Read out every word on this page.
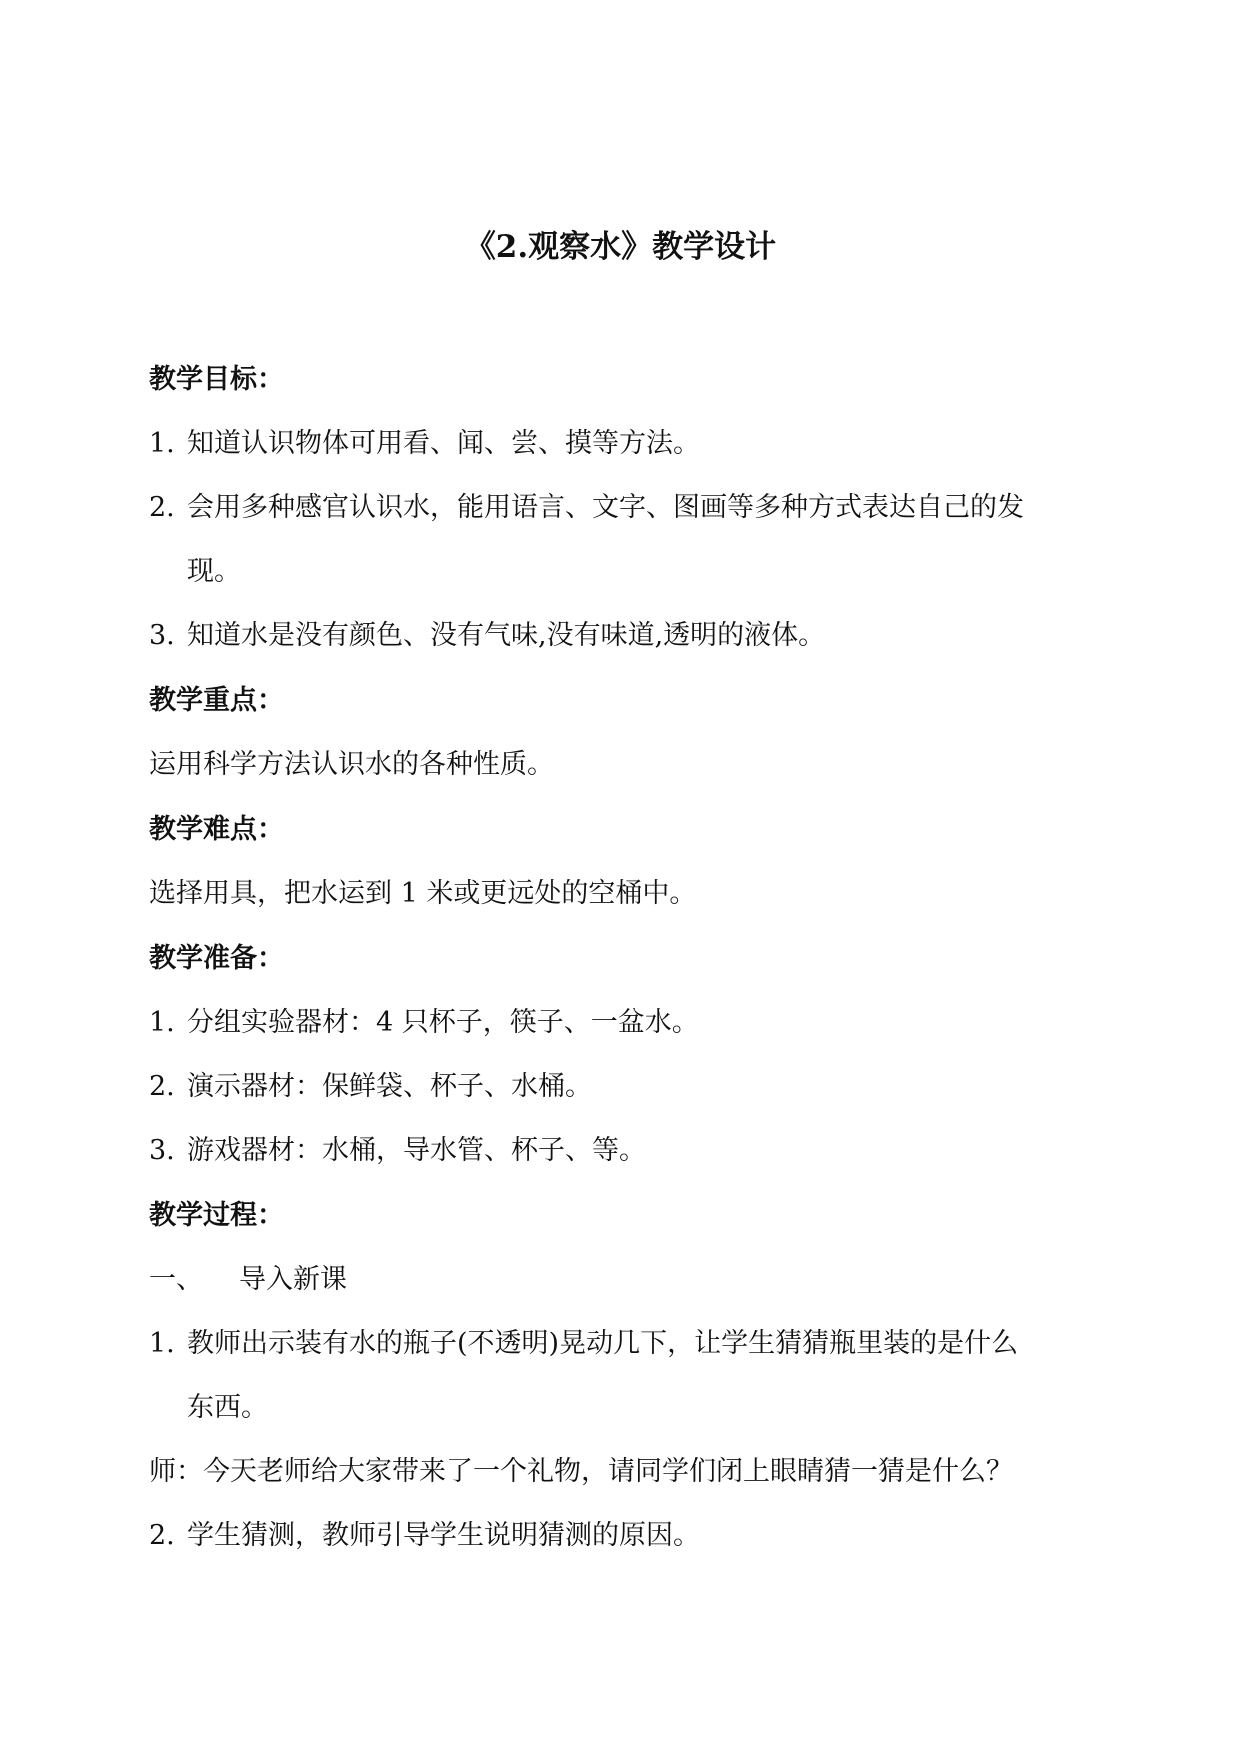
《2.观察水》教学设计
教学目标：
1. 知道认识物体可用看、闻、尝、摸等方法。
2. 会用多种感官认识水，能用语言、文字、图画等多种方式表达自己的发
现。
3. 知道水是没有颜色、没有气味,没有味道,透明的液体。
教学重点：
运用科学方法认识水的各种性质。
教学难点：
选择用具，把水运到 1 米或更远处的空桶中。
教学准备：
1. 分组实验器材：4 只杯子，筷子、一盆水。
2. 演示器材：保鲜袋、杯子、水桶。
3. 游戏器材：水桶，导水管、杯子、等。
教学过程：
一、 导入新课
1. 教师出示装有水的瓶子(不透明)晃动几下，让学生猜猜瓶里装的是什么
东西。
师：今天老师给大家带来了一个礼物，请同学们闭上眼睛猜一猜是什么？
2. 学生猜测，教师引导学生说明猜测的原因。
